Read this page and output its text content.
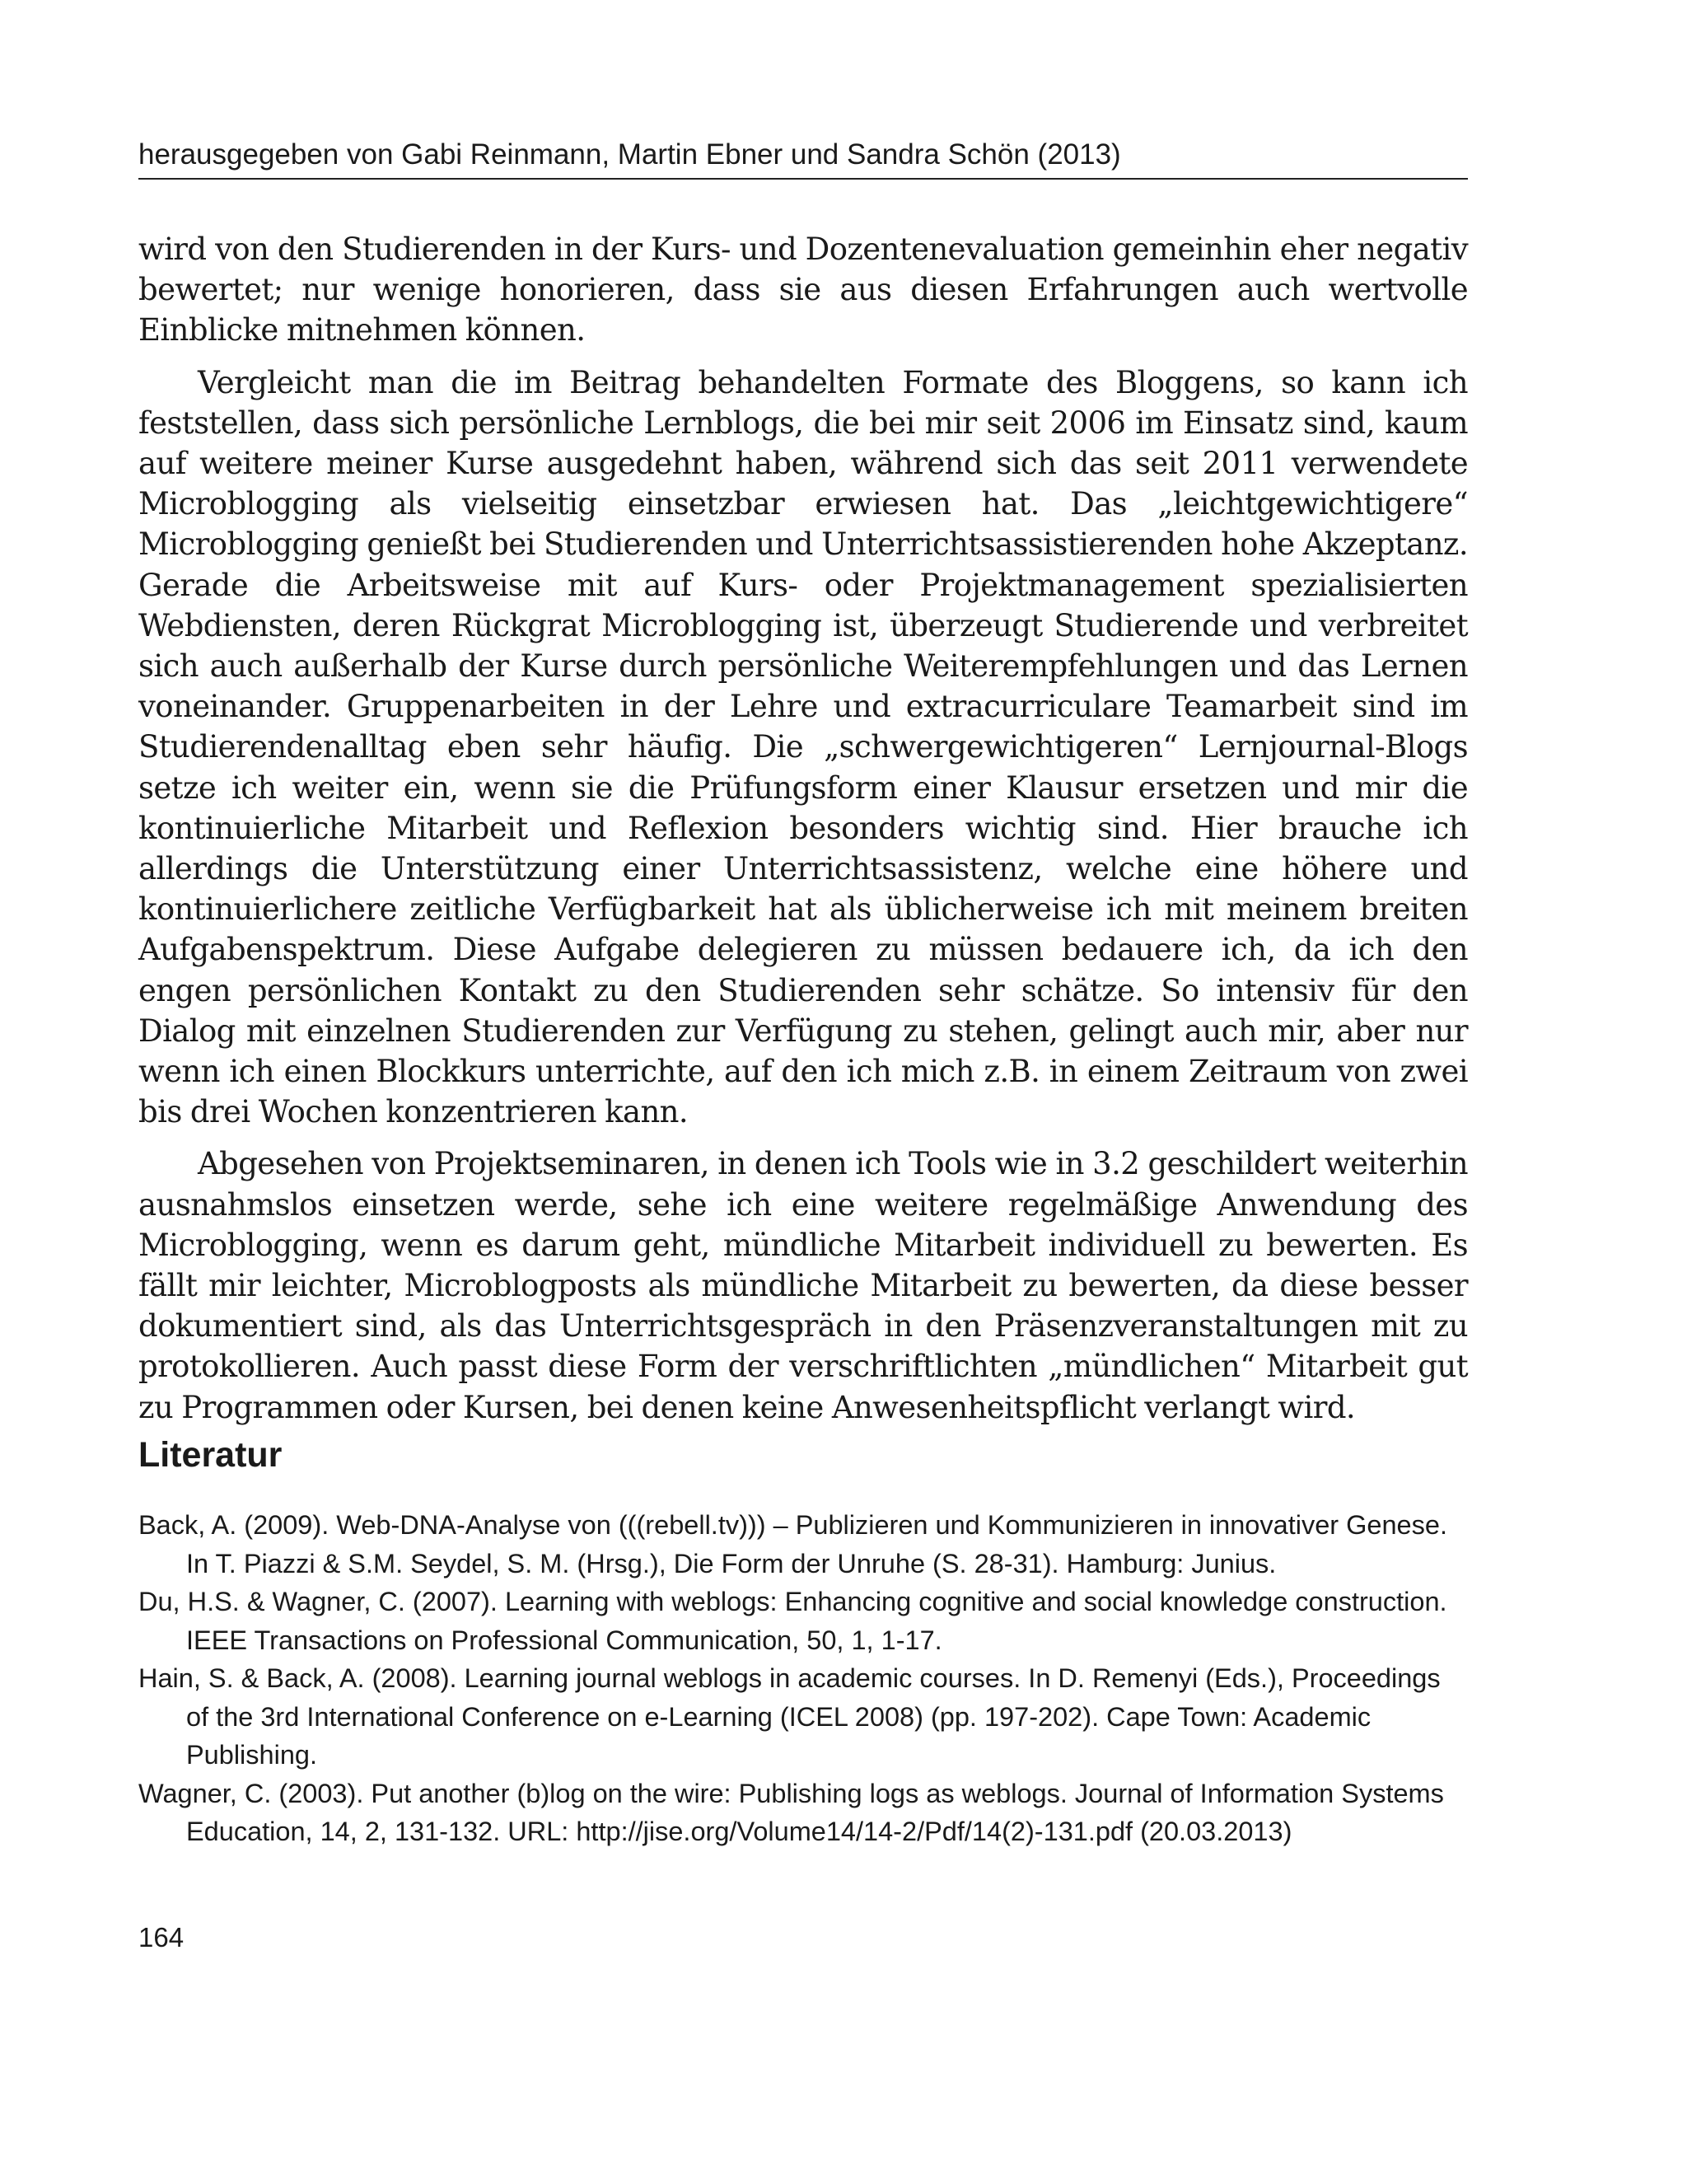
herausgegeben von Gabi Reinmann, Martin Ebner und Sandra Schön (2013)

wird von den Studierenden in der Kurs- und Dozentenevaluation gemeinhin eher negativ bewertet; nur wenige honorieren, dass sie aus diesen Erfahrungen auch wertvolle Einblicke mitnehmen können.

Vergleicht man die im Beitrag behandelten Formate des Bloggens, so kann ich feststellen, dass sich persönliche Lernblogs, die bei mir seit 2006 im Einsatz sind, kaum auf weitere meiner Kurse ausgedehnt haben, während sich das seit 2011 verwendete Microblogging als vielseitig einsetzbar erwiesen hat. Das „leichtgewichtigere“ Microblogging genießt bei Studierenden und Unterrichtsassistierenden hohe Akzeptanz. Gerade die Arbeitsweise mit auf Kurs- oder Projektmanagement spezialisierten Webdiensten, deren Rückgrat Microblogging ist, überzeugt Studierende und verbreitet sich auch außerhalb der Kurse durch persönliche Weiterempfehlungen und das Lernen voneinander. Gruppenarbeiten in der Lehre und extracurriculare Teamarbeit sind im Studierendenalltag eben sehr häufig. Die „schwergewichtigeren“ Lernjournal-Blogs setze ich weiter ein, wenn sie die Prüfungsform einer Klausur ersetzen und mir die kontinuierliche Mitarbeit und Reflexion besonders wichtig sind. Hier brauche ich allerdings die Unterstützung einer Unterrichtsassistenz, welche eine höhere und kontinuierlichere zeitliche Verfügbarkeit hat als üblicherweise ich mit meinem breiten Aufgabenspektrum. Diese Aufgabe delegieren zu müssen bedauere ich, da ich den engen persönlichen Kontakt zu den Studierenden sehr schätze. So intensiv für den Dialog mit einzelnen Studierenden zur Verfügung zu stehen, gelingt auch mir, aber nur wenn ich einen Blockkurs unterrichte, auf den ich mich z.B. in einem Zeitraum von zwei bis drei Wochen konzentrieren kann.

Abgesehen von Projektseminaren, in denen ich Tools wie in 3.2 geschildert weiterhin ausnahmslos einsetzen werde, sehe ich eine weitere regelmäßige Anwendung des Microblogging, wenn es darum geht, mündliche Mitarbeit individuell zu bewerten. Es fällt mir leichter, Microblogposts als mündliche Mitarbeit zu bewerten, da diese besser dokumentiert sind, als das Unterrichtsgespräch in den Präsenzveranstaltungen mit zu protokollieren. Auch passt diese Form der verschriftlichten „mündlichen“ Mitarbeit gut zu Programmen oder Kursen, bei denen keine Anwesenheitspflicht verlangt wird.

Literatur
Back, A. (2009). Web-DNA-Analyse von (((rebell.tv))) – Publizieren und Kommunizieren in innovativer Genese. In T. Piazzi & S.M. Seydel, S. M. (Hrsg.), Die Form der Unruhe (S. 28-31). Hamburg: Junius.
Du, H.S. & Wagner, C. (2007). Learning with weblogs: Enhancing cognitive and social knowledge construction. IEEE Transactions on Professional Communication, 50, 1, 1-17.
Hain, S. & Back, A. (2008). Learning journal weblogs in academic courses. In D. Remenyi (Eds.), Proceedings of the 3rd International Conference on e-Learning (ICEL 2008) (pp. 197-202). Cape Town: Academic Publishing.
Wagner, C. (2003). Put another (b)log on the wire: Publishing logs as weblogs. Journal of Information Systems Education, 14, 2, 131-132. URL: http://jise.org/Volume14/14-2/Pdf/14(2)-131.pdf (20.03.2013)
164
